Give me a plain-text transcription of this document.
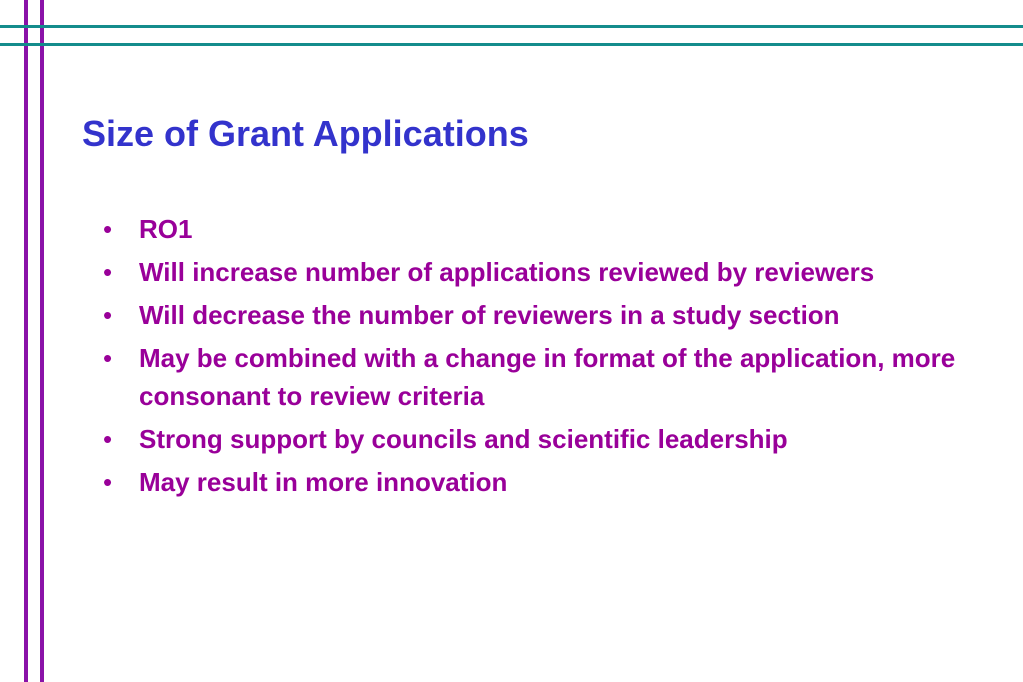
Size of Grant Applications
•	RO1
•	Will increase number of applications reviewed by reviewers
•	Will decrease the number of reviewers in a study section
•	May be combined with a change in format of the application, more consonant to review criteria
•	Strong support by councils and scientific leadership
•	May result in more innovation
